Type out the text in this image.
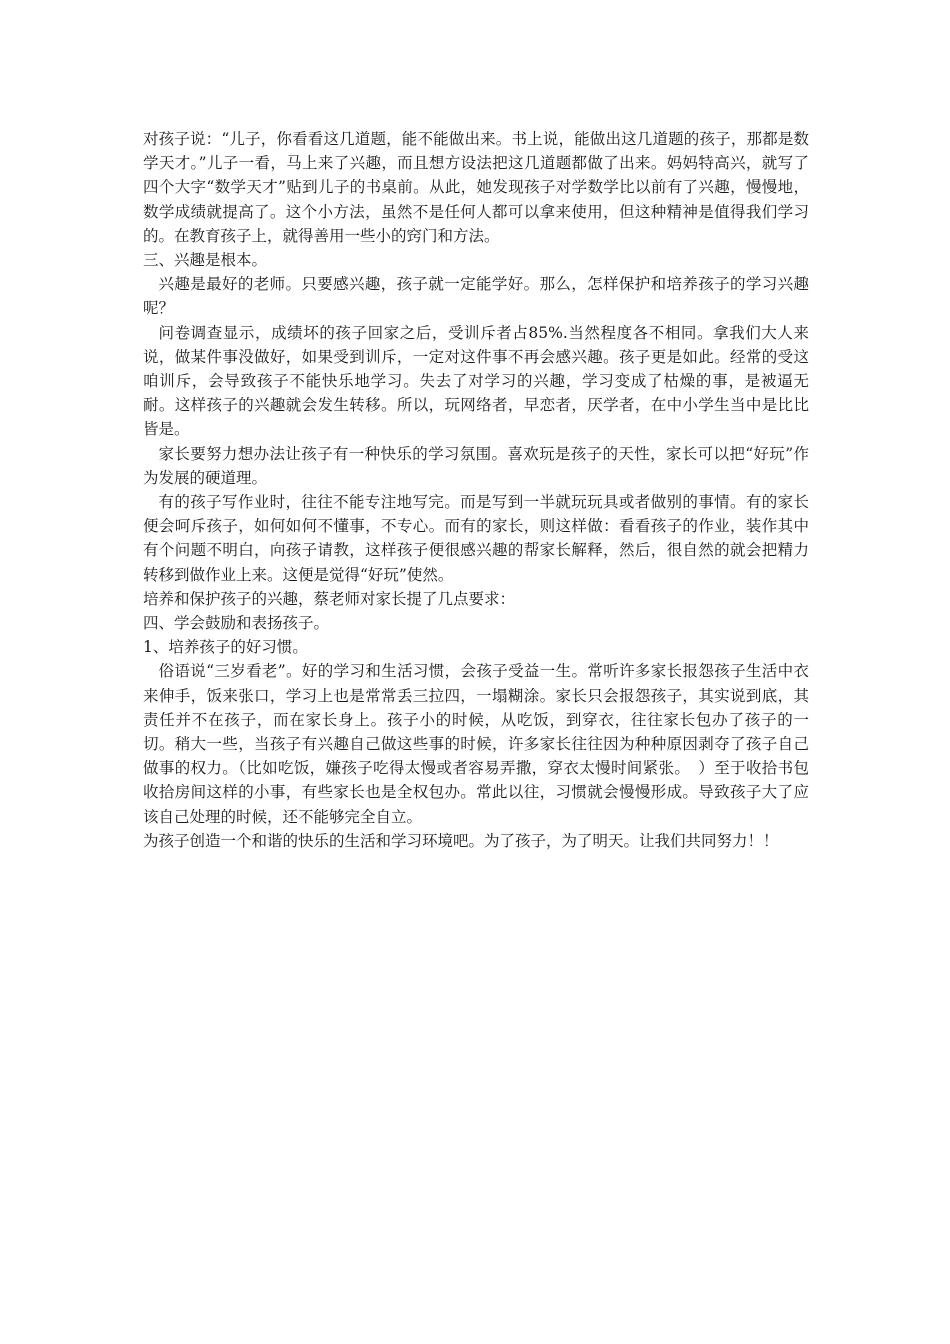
对孩子说：“儿子，你看看这几道题，能不能做出来。书上说，能做出这几道题的孩子，那都是数学天才。”儿子一看，马上来了兴趣，而且想方设法把这几道题都做了出来。妈妈特高兴，就写了四个大字“数学天才”贴到儿子的书桌前。从此，她发现孩子对学数学比以前有了兴趣，慢慢地，数学成绩就提高了。这个小方法，虽然不是任何人都可以拿来使用，但这种精神是值得我们学习的。在教育孩子上，就得善用一些小的窍门和方法。

三、兴趣是根本。

兴趣是最好的老师。只要感兴趣，孩子就一定能学好。那么，怎样保护和培养孩子的学习兴趣呢？

问卷调查显示，成绩坏的孩子回家之后，受训斥者占85%.当然程度各不相同。拿我们大人来说，做某件事没做好，如果受到训斥，一定对这件事不再会感兴趣。孩子更是如此。经常的受这咱训斥，会导致孩子不能快乐地学习。失去了对学习的兴趣，学习变成了枯燥的事，是被逼无耐。这样孩子的兴趣就会发生转移。所以，玩网络者，早恋者，厌学者，在中小学生当中是比比皆是。

家长要努力想办法让孩子有一种快乐的学习氛围。喜欢玩是孩子的天性，家长可以把“好玩”作为发展的硬道理。

有的孩子写作业时，往往不能专注地写完。而是写到一半就玩玩具或者做别的事情。有的家长便会呵斥孩子，如何如何不懂事，不专心。而有的家长，则这样做：看看孩子的作业，装作其中有个问题不明白，向孩子请教，这样孩子便很感兴趣的帮家长解释，然后，很自然的就会把精力转移到做作业上来。这便是觉得“好玩”使然。

培养和保护孩子的兴趣，蔡老师对家长提了几点要求：

四、学会鼓励和表扬孩子。

1、培养孩子的好习惯。

俗语说“三岁看老”。好的学习和生活习惯，会孩子受益一生。常听许多家长报怨孩子生活中衣来伸手，饭来张口，学习上也是常常丢三拉四，一塌糊涂。家长只会报怨孩子，其实说到底，其责任并不在孩子，而在家长身上。孩子小的时候，从吃饭，到穿衣，往往家长包办了孩子的一切。稍大一些，当孩子有兴趣自己做这些事的时候，许多家长往往因为种种原因剥夺了孩子自己做事的权力。（比如吃饭，嫌孩子吃得太慢或者容易弄撒，穿衣太慢时间紧张。　）至于收拾书包收拾房间这样的小事，有些家长也是全权包办。常此以往，习惯就会慢慢形成。导致孩子大了应该自己处理的时候，还不能够完全自立。

为孩子创造一个和谐的快乐的生活和学习环境吧。为了孩子，为了明天。让我们共同努力！！
